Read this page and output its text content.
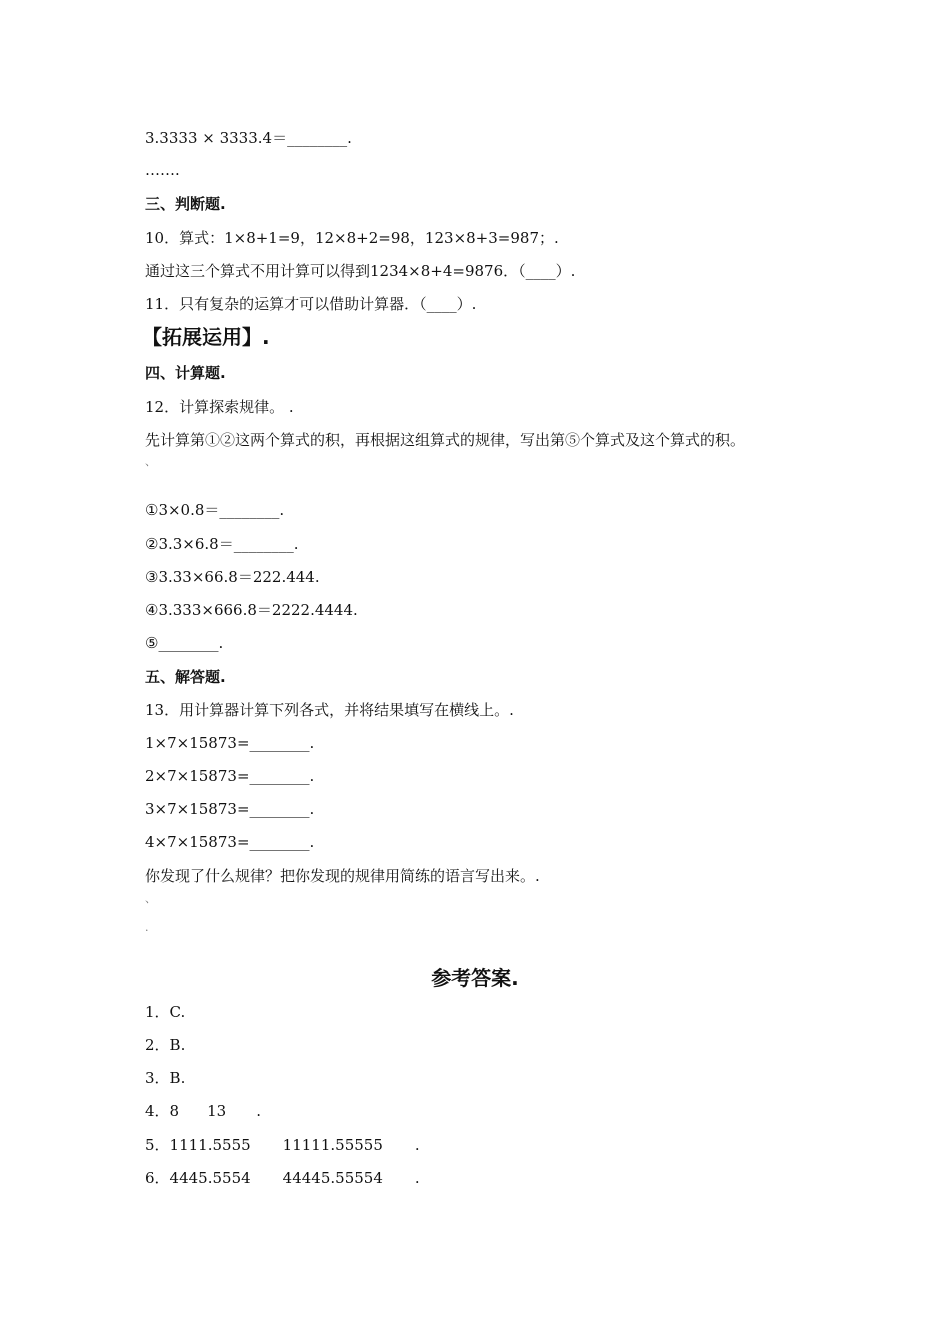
3.3333 × 3333.4＝________.
…….
三、判断题.
10．算式：1×8+1=9，12×8+2=98，123×8+3=987；.
通过这三个算式不用计算可以得到1234×8+4=9876．（____）.
11．只有复杂的运算才可以借助计算器．（____）.
【拓展运用】.
四、计算题.
12．计算探索规律。 .
先计算第①②这两个算式的积，再根据这组算式的规律，写出第⑤个算式及这个算式的积。
、
①3×0.8＝________.
②3.3×6.8＝________.
③3.33×66.8＝222.444.
④3.333×666.8＝2222.4444.
⑤________.
五、解答题.
13．用计算器计算下列各式，并将结果填写在横线上。.
1×7×15873=________.
2×7×15873=________.
3×7×15873=________.
4×7×15873=________.
你发现了什么规律？把你发现的规律用简练的语言写出来。.
、
.
参考答案.
1．C.
2．B.
3．B.
4．8 13 .
5．1111.5555 11111.55555 .
6．4445.5554 44445.55554 .
